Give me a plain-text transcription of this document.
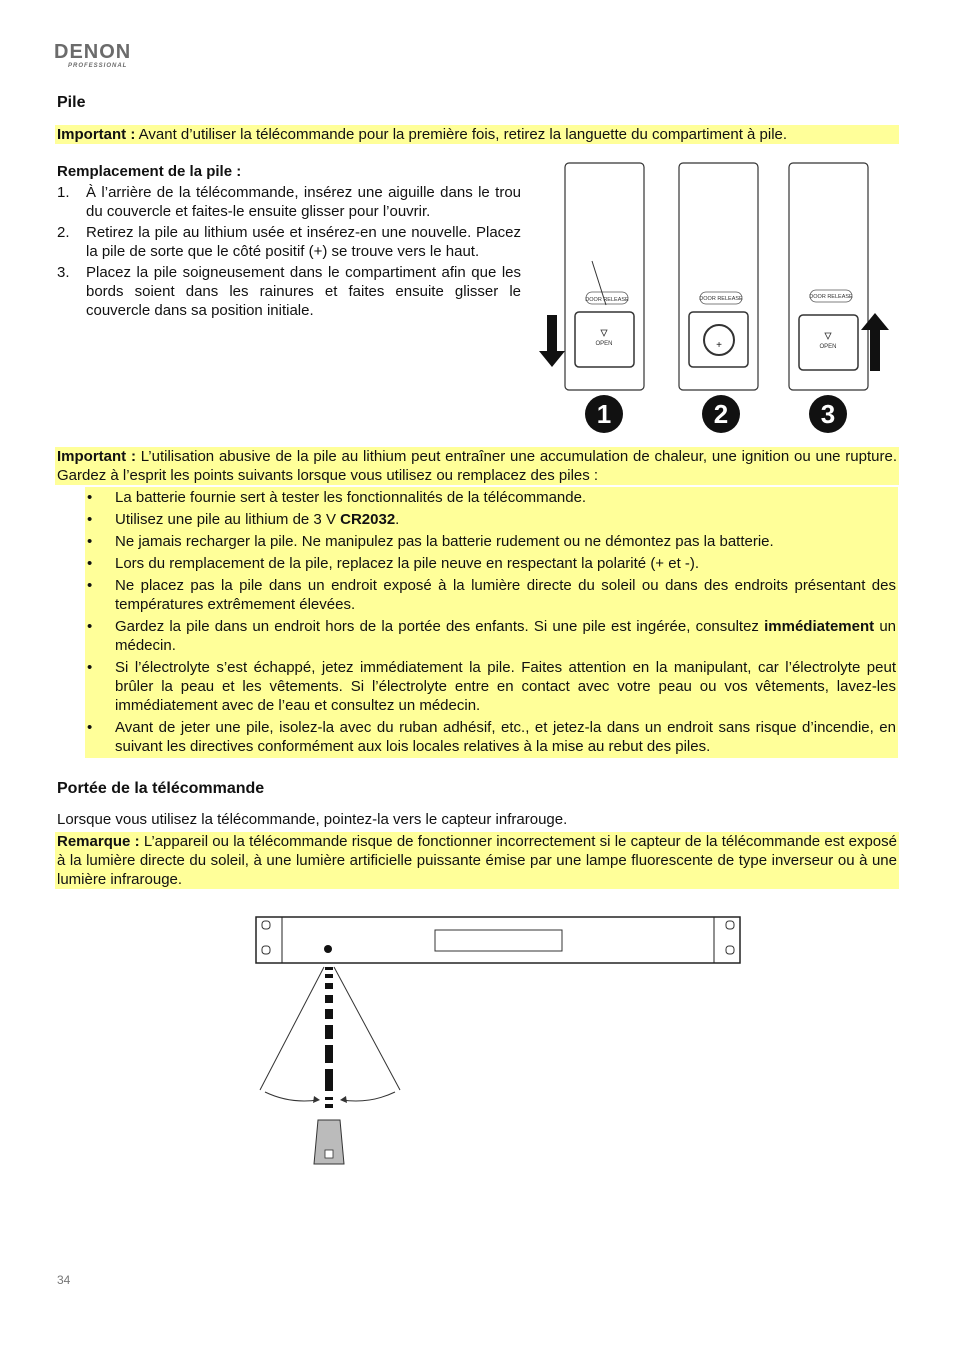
DENON
PROFESSIONAL
Pile
Important : Avant d’utiliser la télécommande pour la première fois, retirez la languette du compartiment à pile.

Remplacement de la pile :

1. À l’arrière de la télécommande, insérez une aiguille dans le trou du couvercle et faites-le ensuite glisser pour l’ouvrir.
2. Retirez la pile au lithium usée et insérez-en une nouvelle. Placez la pile de sorte que le côté positif (+) se trouve vers le haut.
3. Placez la pile soigneusement dans le compartiment afin que les bords soient dans les rainures et faites ensuite glisser le couvercle dans sa position initiale.
DOOR RELEASE
OPEN
DOOR RELEASE
+
DOOR RELEASE
OPEN
1	2	3
Important : L’utilisation abusive de la pile au lithium peut entraîner une accumulation de chaleur, une ignition ou une rupture. Gardez à l’esprit les points suivants lorsque vous utilisez ou remplacez des piles :
• La batterie fournie sert à tester les fonctionnalités de la télécommande.
• Utilisez une pile au lithium de 3 V CR2032.
• Ne jamais recharger la pile. Ne manipulez pas la batterie rudement ou ne démontez pas la batterie.
• Lors du remplacement de la pile, replacez la pile neuve en respectant la polarité (+ et -).
• Ne placez pas la pile dans un endroit exposé à la lumière directe du soleil ou dans des endroits présentant des températures extrêmement élevées.
• Gardez la pile dans un endroit hors de la portée des enfants. Si une pile est ingérée, consultez immédiatement un médecin.
• Si l’électrolyte s’est échappé, jetez immédiatement la pile. Faites attention en la manipulant, car l’électrolyte peut brûler la peau et les vêtements. Si l’électrolyte entre en contact avec votre peau ou vos vêtements, lavez-les immédiatement avec de l’eau et consultez un médecin.
• Avant de jeter une pile, isolez-la avec du ruban adhésif, etc., et jetez-la dans un endroit sans risque d’incendie, en suivant les directives conformément aux lois locales relatives à la mise au rebut des piles.
Portée de la télécommande

Lorsque vous utilisez la télécommande, pointez-la vers le capteur infrarouge.

Remarque : L’appareil ou la télécommande risque de fonctionner incorrectement si le capteur de la télécommande est exposé à la lumière directe du soleil, à une lumière artificielle puissante émise par une lampe fluorescente de type inverseur ou à une lumière infrarouge.
34
